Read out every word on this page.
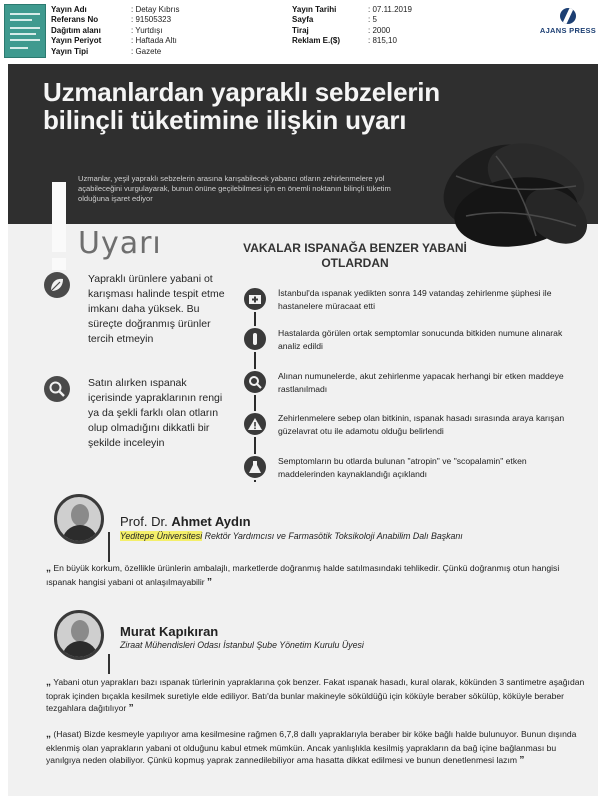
Yayın Adı	: Detay Kıbrıs
Referans No	: 91505323
Dağıtım alanı	: Yurtdışı
Yayın Periyot	: Haftada Altı
Yayın Tipi	: Gazete
Yayın Tarihi	: 07.11.2019
Sayfa	: 5
Tiraj	: 2000
Reklam E.($)	: 815,10
AJANS PRESS
Uzmanlardan yapraklı sebzelerin bilinçli tüketimine ilişkin uyarı
Uzmanlar, yeşil yapraklı sebzelerin arasına karışabilecek yabancı otların zehirlenmelere yol açabileceğini vurgulayarak, bunun önüne geçilebilmesi için en önemli noktanın bilinçli tüketim olduğuna işaret ediyor
Uyarı

Yapraklı ürünlere yabani ot karışması halinde tespit etme imkanı daha yüksek. Bu süreçte doğranmış ürünler tercih etmeyin

Satın alırken ıspanak içerisinde yapraklarının rengi ya da şekli farklı olan otların olup olmadığını dikkatli bir şekilde inceleyin

VAKALAR ISPANAĞA BENZER YABANİ OTLARDAN

İstanbul'da ıspanak yedikten sonra 149 vatandaş zehirlenme şüphesi ile hastanelere müracaat etti

Hastalarda görülen ortak semptomlar sonucunda bitkiden numune alınarak analiz edildi

Alınan numunelerde, akut zehirlenme yapacak herhangi bir etken maddeye rastlanılmadı

Zehirlenmelere sebep olan bitkinin, ıspanak hasadı sırasında araya karışan güzelavrat otu ile adamotu olduğu belirlendi

Semptomların bu otlarda bulunan "atropin" ve "scopalamin" etken maddelerinden kaynaklandığı açıklandı

Prof. Dr. Ahmet Aydın
Yeditepe Üniversitesi Rektör Yardımcısı ve Farmasötik Toksikoloji Anabilim Dalı Başkanı
„ En büyük korkum, özellikle ürünlerin ambalajlı, marketlerde doğranmış halde satılmasındaki tehlikedir. Çünkü doğranmış otun hangisi ıspanak hangisi yabani ot anlaşılmayabilir ”
Murat Kapıkıran
Ziraat Mühendisleri Odası İstanbul Şube Yönetim Kurulu Üyesi
„ Yabani otun yaprakları bazı ıspanak türlerinin yapraklarına çok benzer. Fakat ıspanak hasadı, kural olarak, kökünden 3 santimetre aşağıdan toprak içinden bıçakla kesilmek suretiyle elde ediliyor. Batı'da bunlar makineyle söküldüğü için köküyle beraber sökülüp, köküyle beraber tezgahlara dağıtılıyor ”
„ (Hasat) Bizde kesmeyle yapılıyor ama kesilmesine rağmen 6,7,8 dallı yapraklarıyla beraber bir köke bağlı halde bulunuyor. Bunun dışında eklenmiş olan yaprakların yabani ot olduğunu kabul etmek mümkün. Ancak yanlışlıkla kesilmiş yaprakların da bağ içine bağlanması bu yanılgıya neden olabiliyor. Çünkü kopmuş yaprak zannedilebiliyor ama hasatta dikkat edilmesi ve bunun denetlenmesi lazım ”
